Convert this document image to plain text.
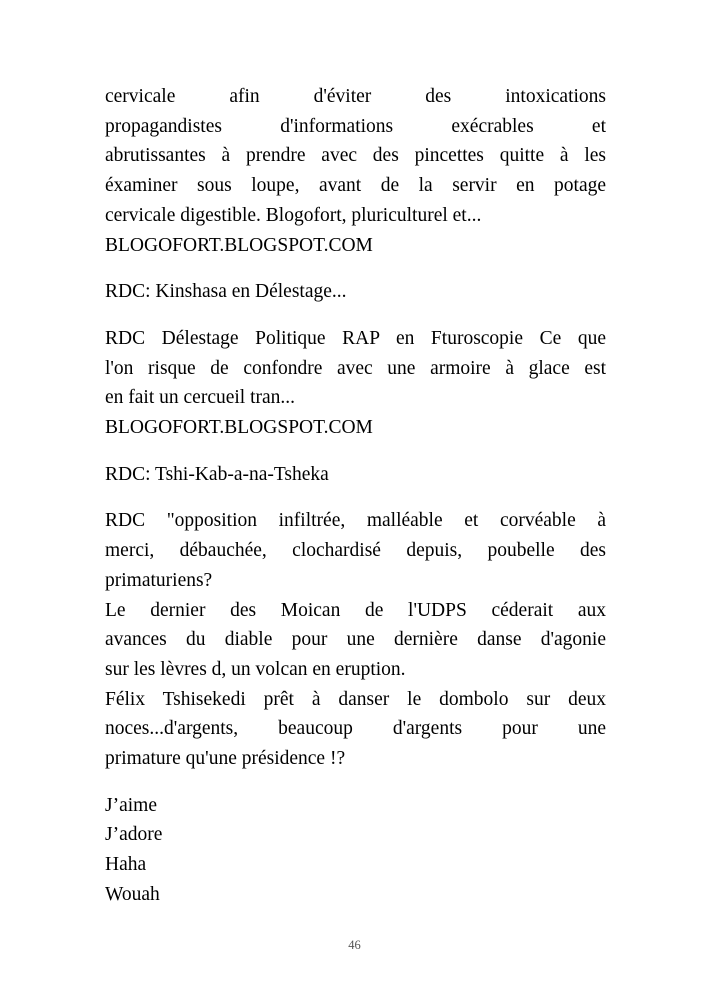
cervicale afin d'éviter des intoxications
propagandistes d'informations exécrables et
abrutissantes à prendre avec des pincettes quitte à les
éxaminer sous loupe, avant de la servir en potage
cervicale digestible. Blogofort, pluriculturel et...
BLOGOFORT.BLOGSPOT.COM
RDC: Kinshasa en Délestage...
RDC Délestage Politique RAP en Fturoscopie Ce que
l'on risque de confondre avec une armoire à glace est
en fait un cercueil tran...
BLOGOFORT.BLOGSPOT.COM
RDC: Tshi-Kab-a-na-Tsheka
RDC "opposition infiltrée, malléable et corvéable à
merci, débauchée, clochardisé depuis, poubelle des
primaturiens?
Le dernier des Moican de l'UDPS céderait aux
avances du diable pour une dernière danse d'agonie
sur les lèvres d, un volcan en eruption.
Félix Tshisekedi prêt à danser le dombolo sur deux
noces...d'argents, beaucoup d'argents pour une
primature qu'une présidence !?
J’aime
J’adore
Haha
Wouah
46
